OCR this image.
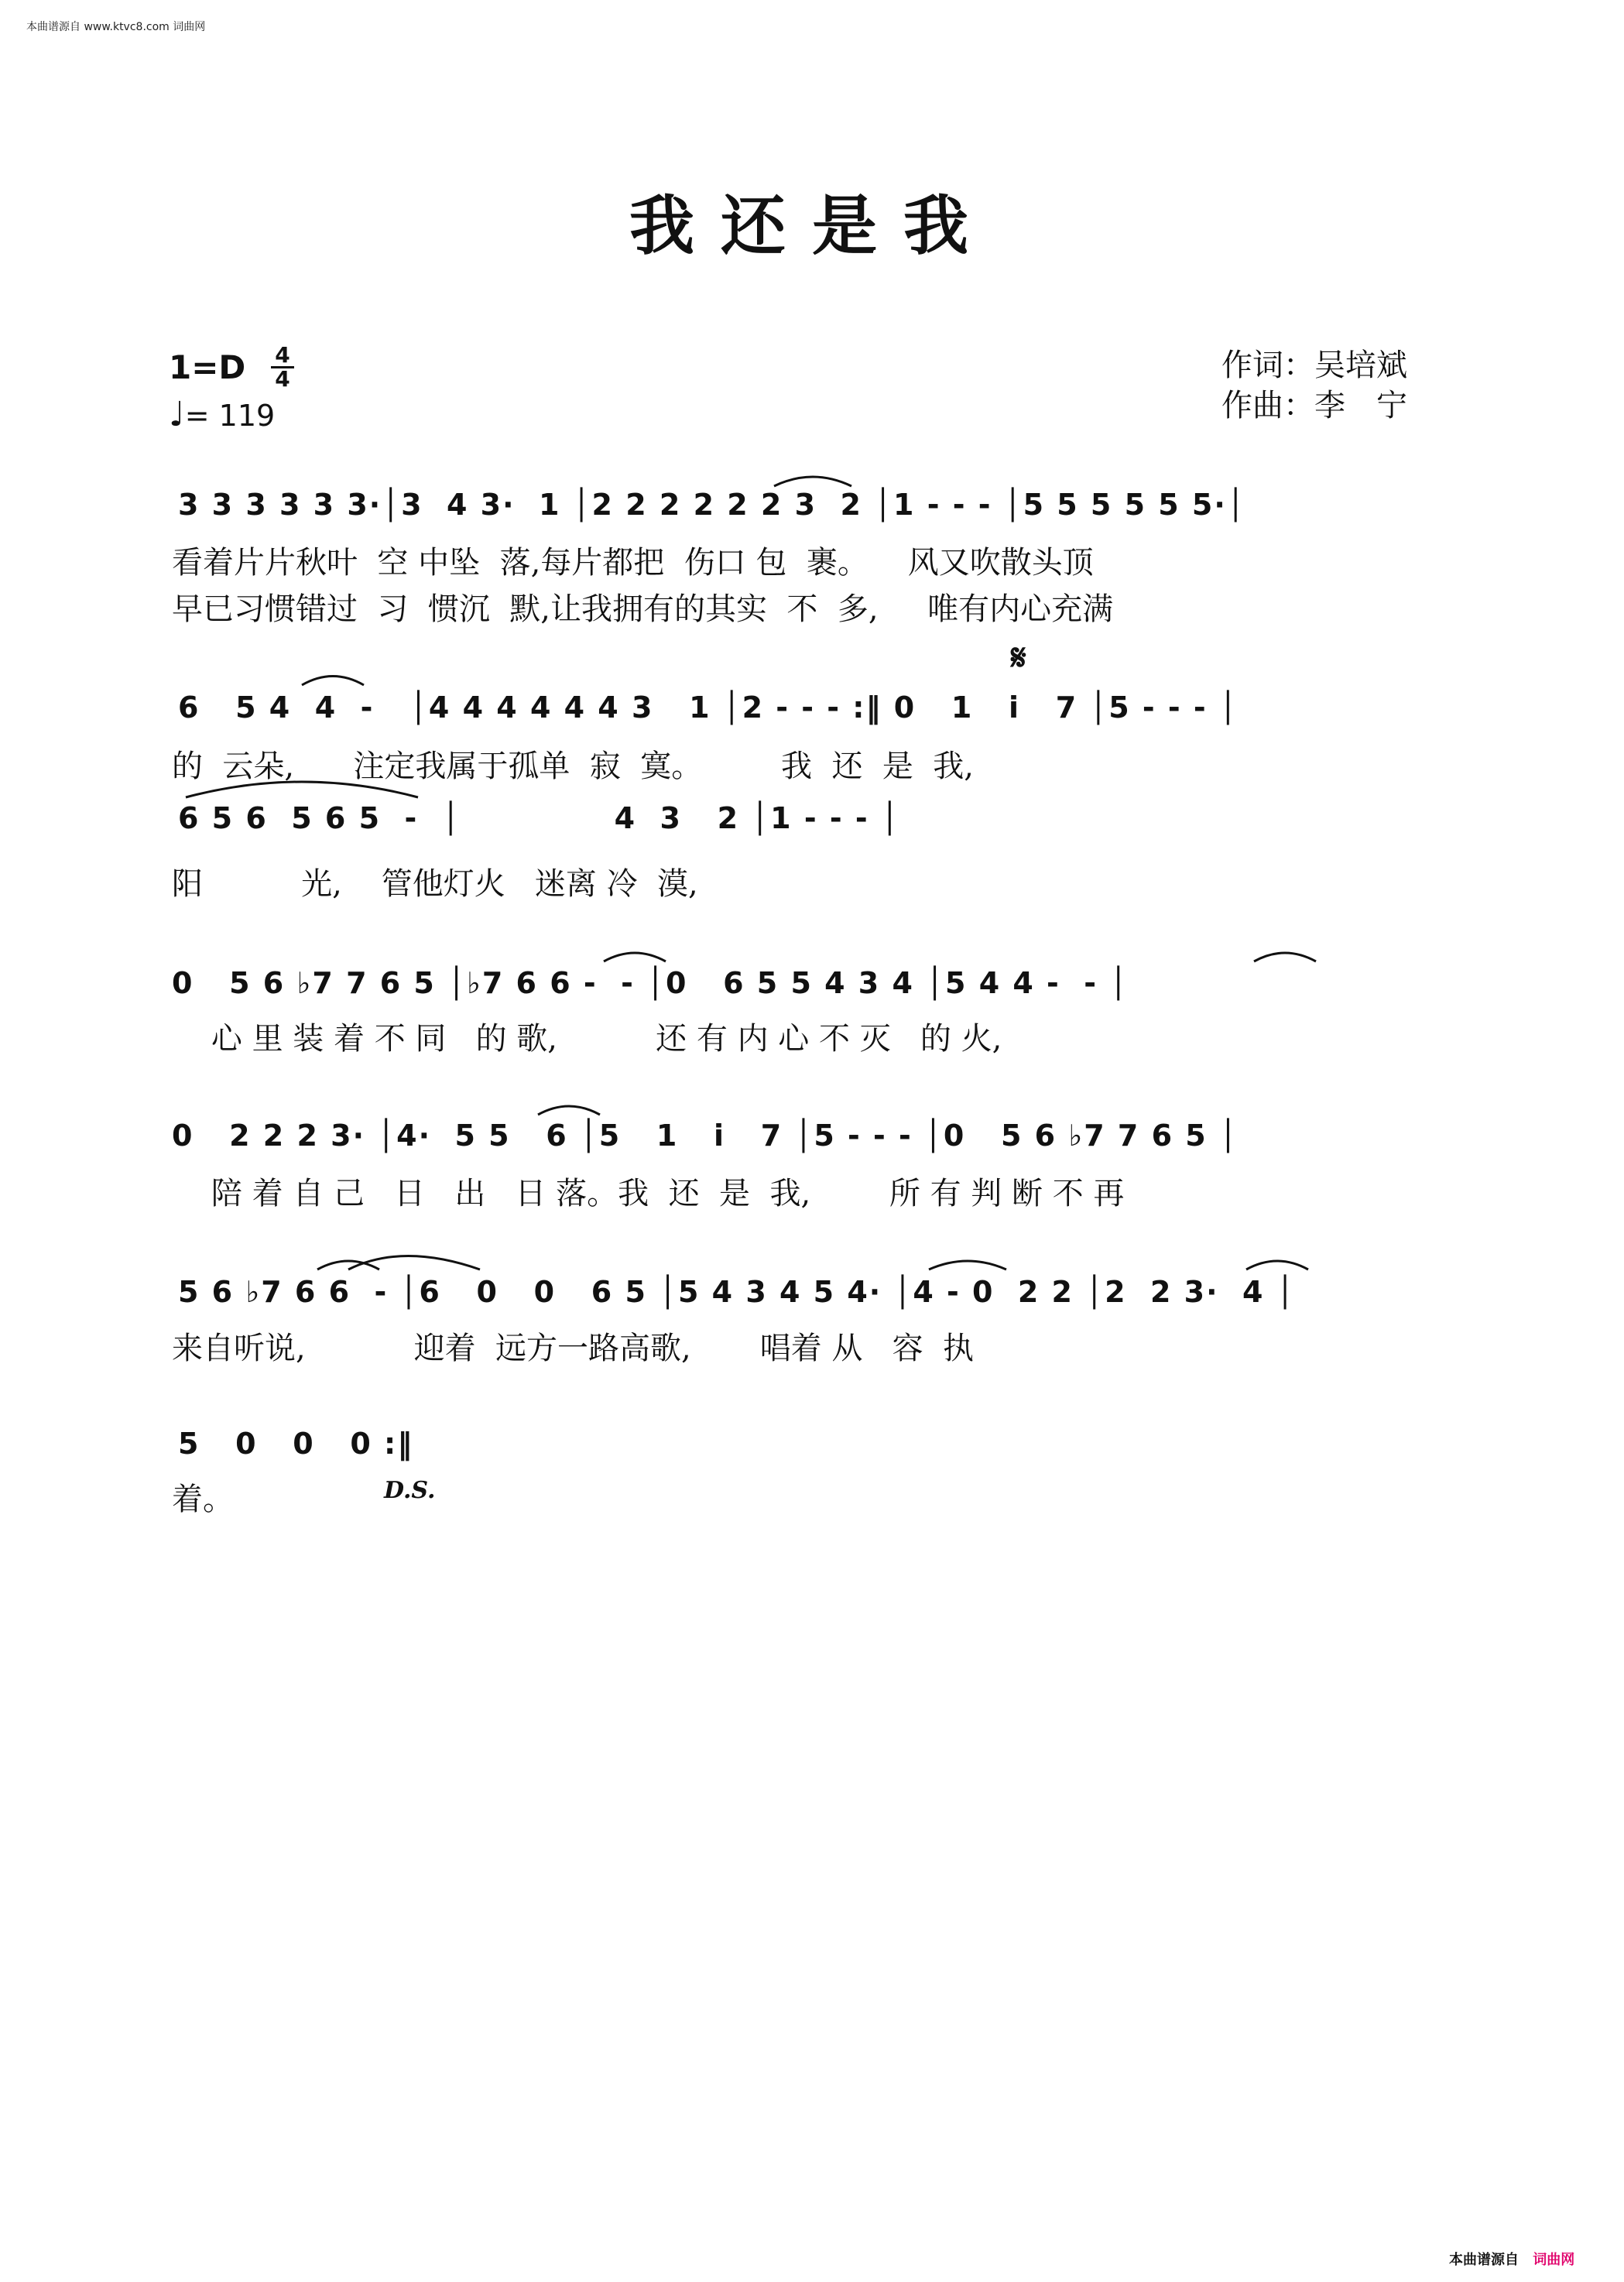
本曲谱源自 www.ktvc8.com 词曲网
我还是我
1=D 4
4
♩= 119
作词：吴培斌
作曲：李　宁
3 3 3 3 3 3·│3  4 3·  1 │2 2 2 2 2 2 3  2 │1 - - - │5 5 5 5 5 5·│
看着片片秋叶  空 中坠  落,每片都把  伤口 包  裹。    风又吹散头顶
早已习惯错过  习  惯沉  默,让我拥有的其实  不  多,     唯有内心充满
𝄋
6   5 4  4  -   │4 4 4 4 4 4 3   1 │2 - - - :‖ 0   1   i   7 │5 - - - │
的  云朵,      注定我属于孤单  寂  寞。        我  还  是  我,
6 5 6  5 6 5  -  │             4  3   2 │1 - - - │
阳          光,    管他灯火   迷离 冷  漠,
0   5 6 ♭7 7 6 5 │♭7 6 6 -  - │0   6 5 5 4 3 4 │5 4 4 -  - │
心 里 装 着 不 同   的 歌,          还 有 内 心 不 灭   的 火,
0   2 2 2 3· │4·  5 5   6 │5   1   i   7 │5 - - - │0   5 6 ♭7 7 6 5 │
陪 着 自 己   日   出   日 落。我  还  是  我,        所 有 判 断 不 再
5 6 ♭7 6 6  - │6   0   0   6 5 │5 4 3 4 5 4· │4 - 0  2 2 │2  2 3·  4 │
来自听说,           迎着  远方一路高歌,       唱着 从   容  执
5   0   0   0 :‖
着。	D.S.
本曲谱源自 词曲网
